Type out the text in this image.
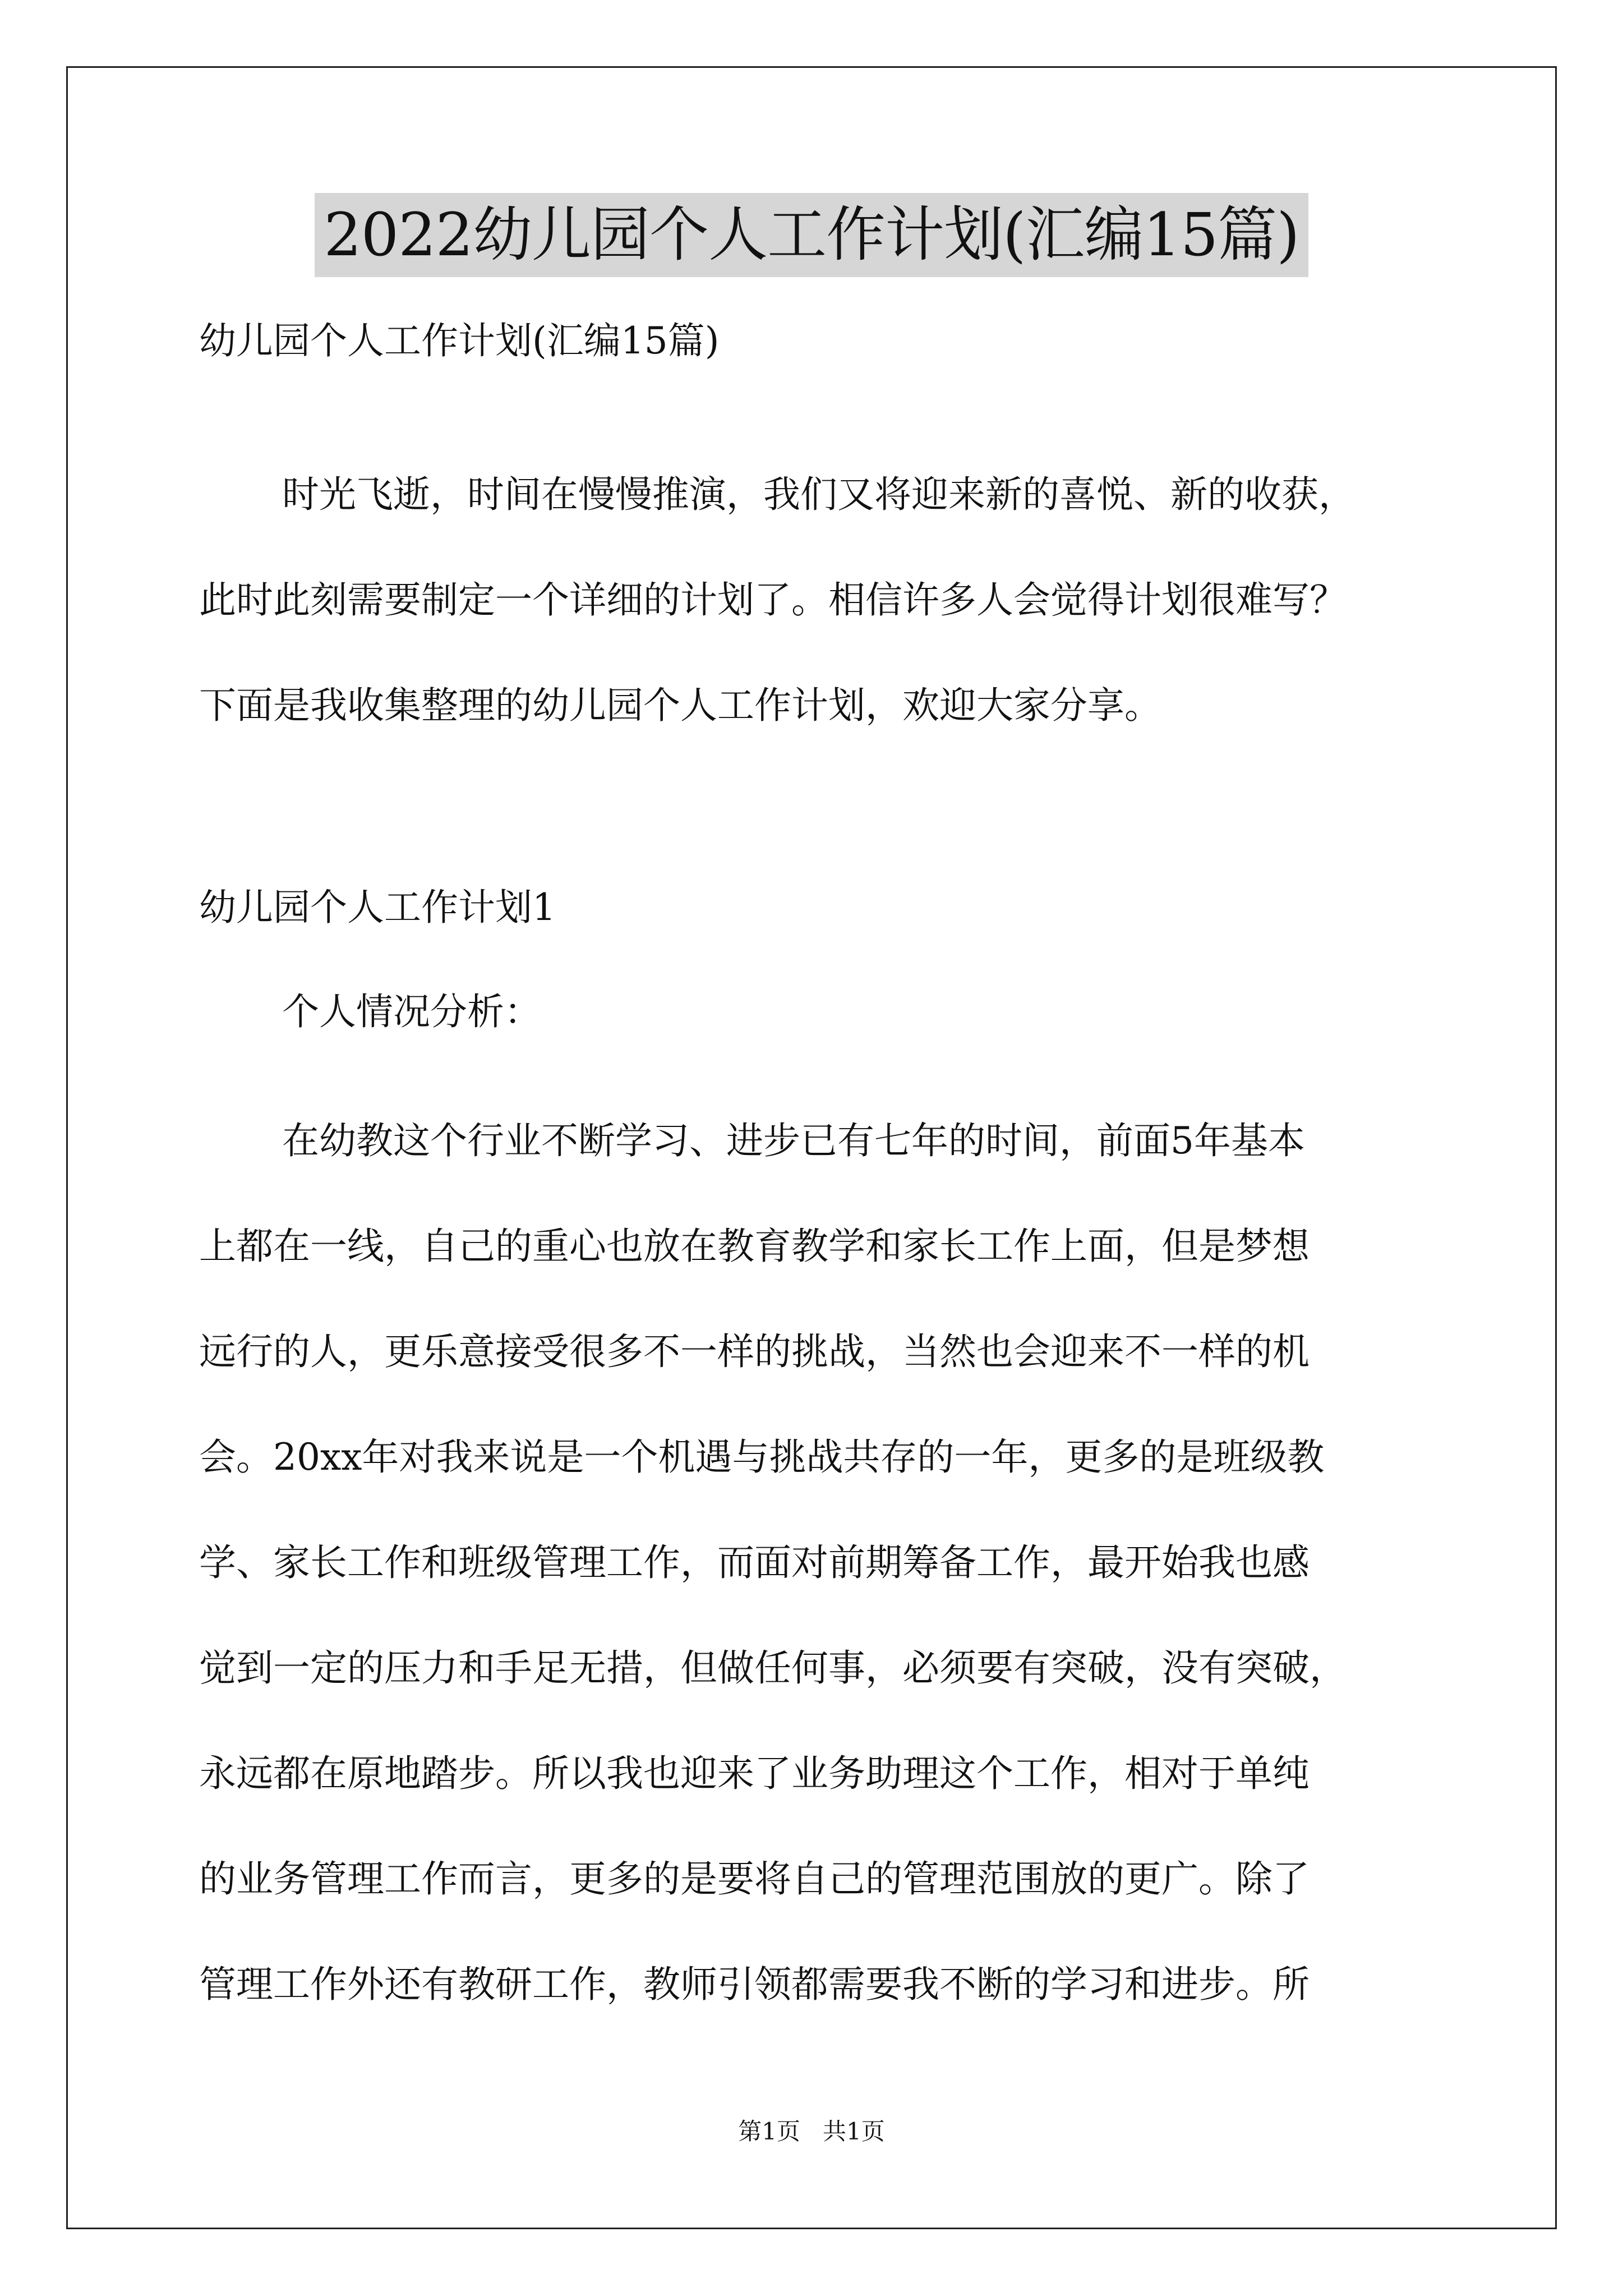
2022幼儿园个人工作计划(汇编15篇)
幼儿园个人工作计划(汇编15篇)
时光飞逝，时间在慢慢推演，我们又将迎来新的喜悦、新的收获，
此时此刻需要制定一个详细的计划了。相信许多人会觉得计划很难写？
下面是我收集整理的幼儿园个人工作计划，欢迎大家分享。
幼儿园个人工作计划1
个人情况分析：
在幼教这个行业不断学习、进步已有七年的时间，前面5年基本
上都在一线，自己的重心也放在教育教学和家长工作上面，但是梦想
远行的人，更乐意接受很多不一样的挑战，当然也会迎来不一样的机
会。20xx年对我来说是一个机遇与挑战共存的一年，更多的是班级教
学、家长工作和班级管理工作，而面对前期筹备工作，最开始我也感
觉到一定的压力和手足无措，但做任何事，必须要有突破，没有突破，
永远都在原地踏步。所以我也迎来了业务助理这个工作，相对于单纯
的业务管理工作而言，更多的是要将自己的管理范围放的更广。除了
管理工作外还有教研工作，教师引领都需要我不断的学习和进步。所
第1页   共1页
